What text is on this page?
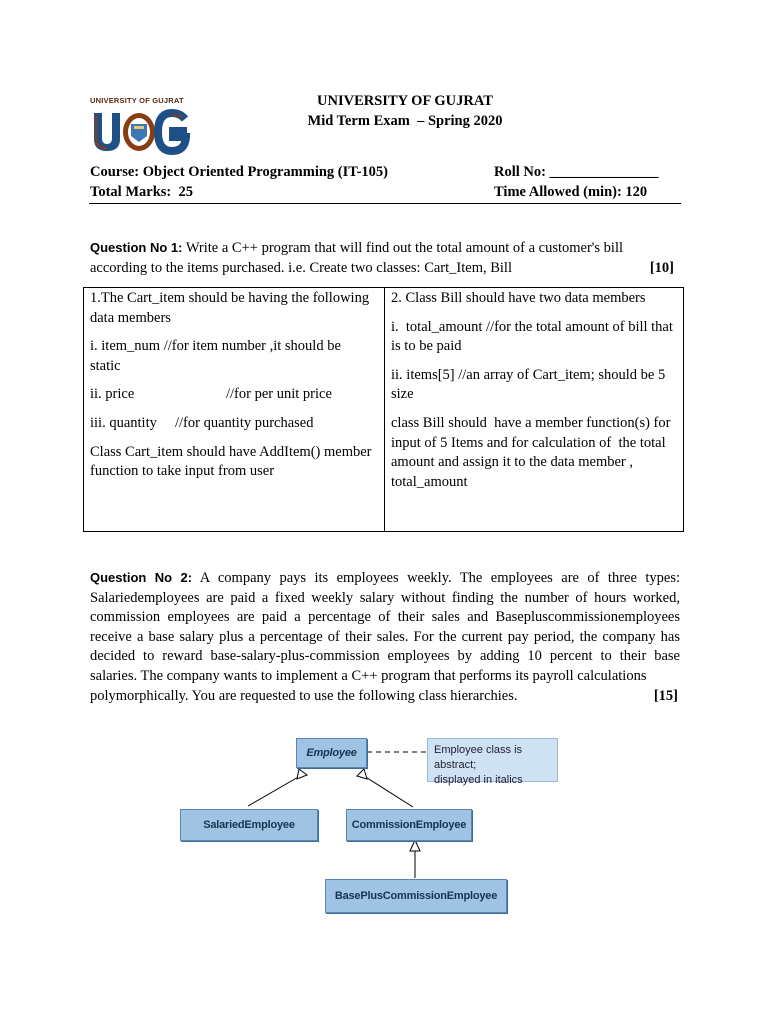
UNIVERSITY OF GUJRAT	UNIVERSITY OF GUJRAT
Mid Term Exam  – Spring 2020
Course: Object Oriented Programming (IT-105)	Roll No: _______________
Total Marks:  25	Time Allowed (min): 120
Question No 1: Write a C++ program that will find out the total amount of a customer's bill
according to the items purchased. i.e. Create two classes: Cart_Item, Bill	[10]

1.The Cart_item should be having the following data members

i. item_num //for item number ,it should be static

ii. price	//for per unit price

iii. quantity     //for quantity purchased

Class Cart_item should have AddItem() member function to take input from user

2. Class Bill should have two data members

i.  total_amount //for the total amount of bill that is to be paid

ii. items[5] //an array of Cart_item; should be 5 size

class Bill should  have a member function(s) for input of 5 Items and for calculation of  the total amount and assign it to the data member , total_amount

Question No 2: A company pays its employees weekly. The employees are of three types: Salariedemployees are paid a fixed weekly salary without finding the number of hours worked, commission employees are paid a percentage of their sales and Basepluscommissionemployees receive a base salary plus a percentage of their sales. For the current pay period, the company has decided to reward base-salary-plus-commission employees by adding 10 percent to their base salaries. The company wants to implement a C++ program that performs its payroll calculations
polymorphically. You are requested to use the following class hierarchies.	[15]
Employee	Employee class is abstract;
displayed in italics
SalariedEmployee	CommissionEmployee
BasePlusCommissionEmployee
